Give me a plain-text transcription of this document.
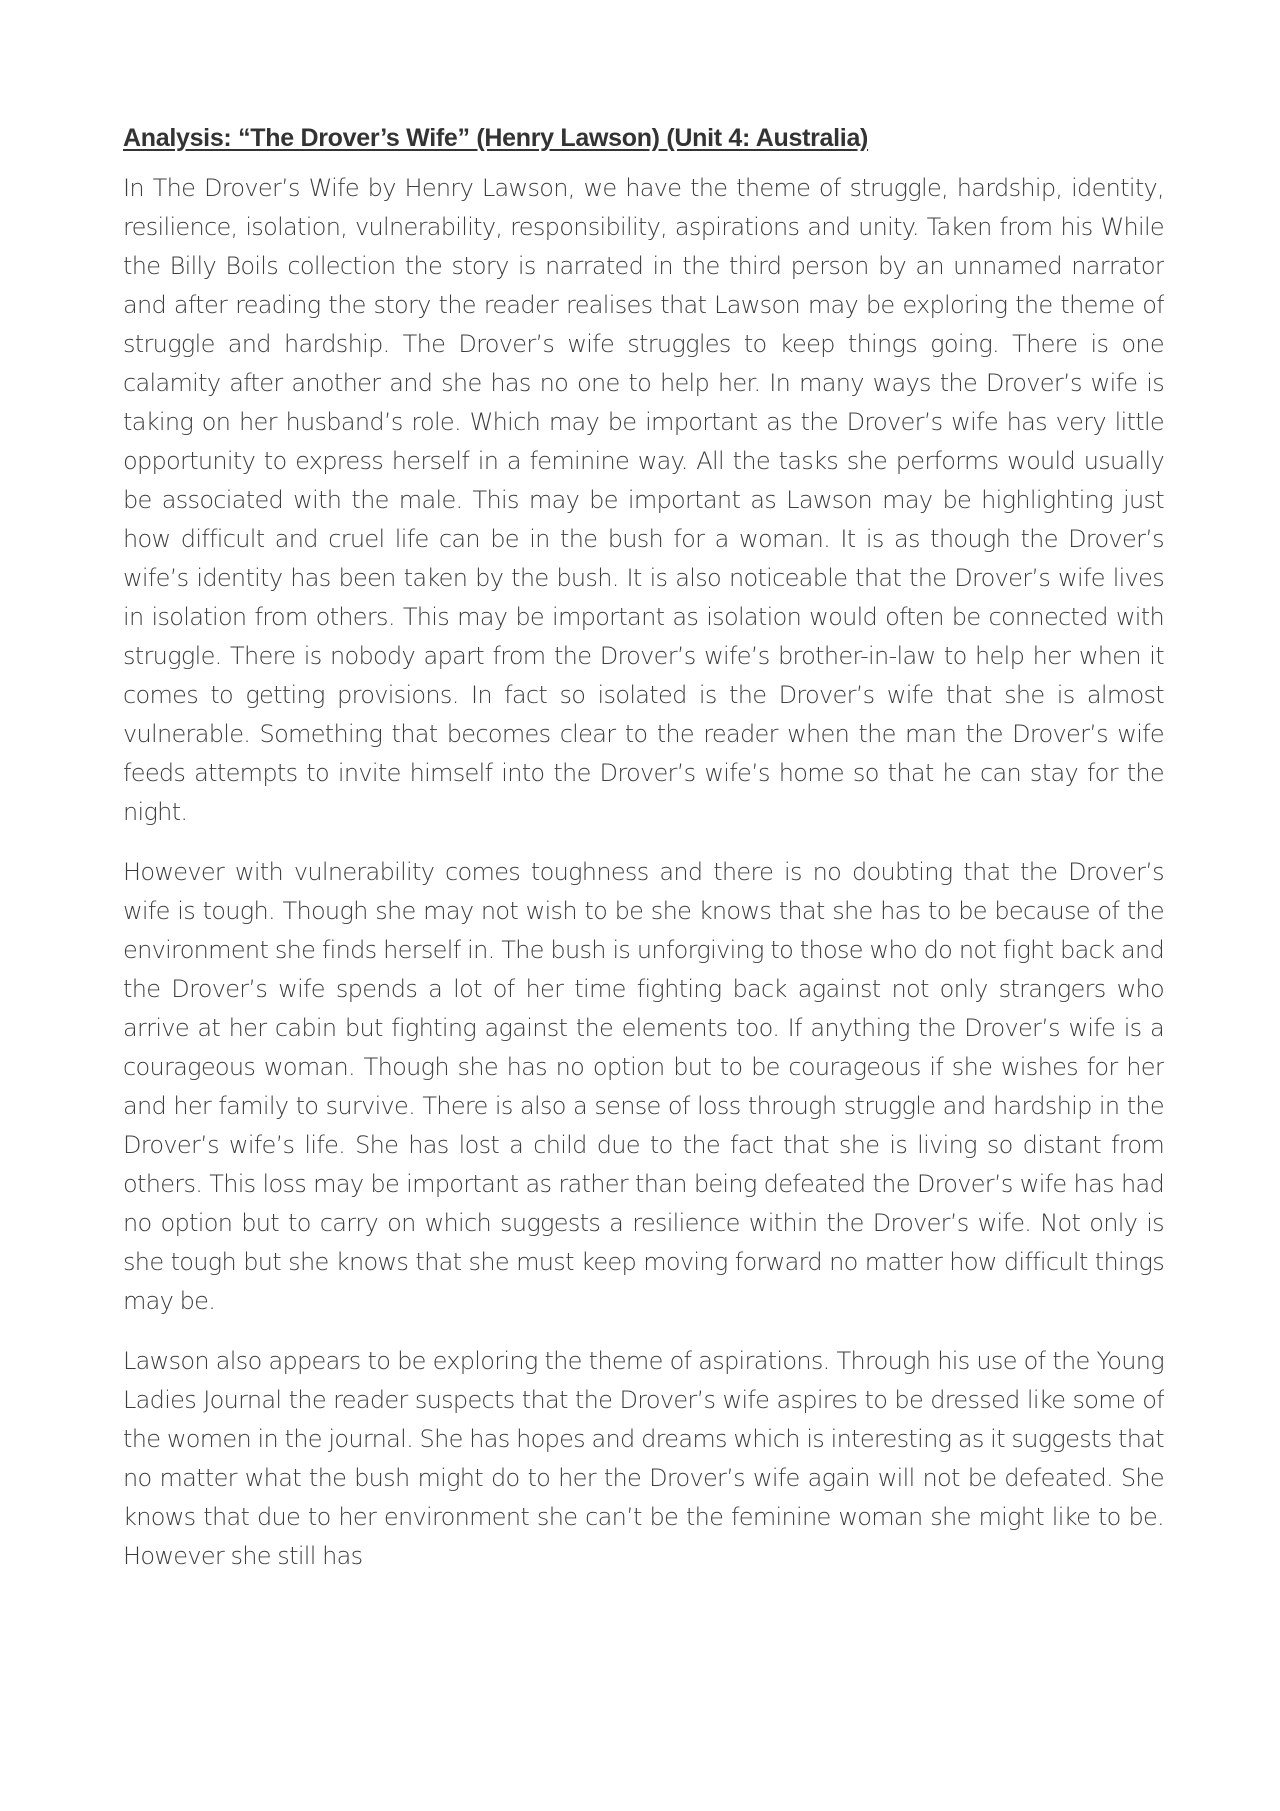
Analysis: “The Drover’s Wife” (Henry Lawson) (Unit 4: Australia)

In The Drover’s Wife by Henry Lawson, we have the theme of struggle, hardship, identity, resilience, isolation, vulnerability, responsibility, aspirations and unity. Taken from his While the Billy Boils collection the story is narrated in the third person by an unnamed narrator and after reading the story the reader realises that Lawson may be exploring the theme of struggle and hardship. The Drover’s wife struggles to keep things going. There is one calamity after another and she has no one to help her. In many ways the Drover’s wife is taking on her husband’s role. Which may be important as the Drover’s wife has very little opportunity to express herself in a feminine way. All the tasks she performs would usually be associated with the male. This may be important as Lawson may be highlighting just how difficult and cruel life can be in the bush for a woman. It is as though the Drover’s wife’s identity has been taken by the bush. It is also noticeable that the Drover’s wife lives in isolation from others. This may be important as isolation would often be connected with struggle. There is nobody apart from the Drover’s wife’s brother-in-law to help her when it comes to getting provisions. In fact so isolated is the Drover’s wife that she is almost vulnerable. Something that becomes clear to the reader when the man the Drover’s wife feeds attempts to invite himself into the Drover’s wife’s home so that he can stay for the night.

However with vulnerability comes toughness and there is no doubting that the Drover’s wife is tough. Though she may not wish to be she knows that she has to be because of the environment she finds herself in. The bush is unforgiving to those who do not fight back and the Drover’s wife spends a lot of her time fighting back against not only strangers who arrive at her cabin but fighting against the elements too. If anything the Drover’s wife is a courageous woman. Though she has no option but to be courageous if she wishes for her and her family to survive. There is also a sense of loss through struggle and hardship in the Drover’s wife’s life. She has lost a child due to the fact that she is living so distant from others. This loss may be important as rather than being defeated the Drover’s wife has had no option but to carry on which suggests a resilience within the Drover’s wife. Not only is she tough but she knows that she must keep moving forward no matter how difficult things may be.

Lawson also appears to be exploring the theme of aspirations. Through his use of the Young Ladies Journal the reader suspects that the Drover’s wife aspires to be dressed like some of the women in the journal. She has hopes and dreams which is interesting as it suggests that no matter what the bush might do to her the Drover’s wife again will not be defeated. She knows that due to her environment she can’t be the feminine woman she might like to be. However she still has
